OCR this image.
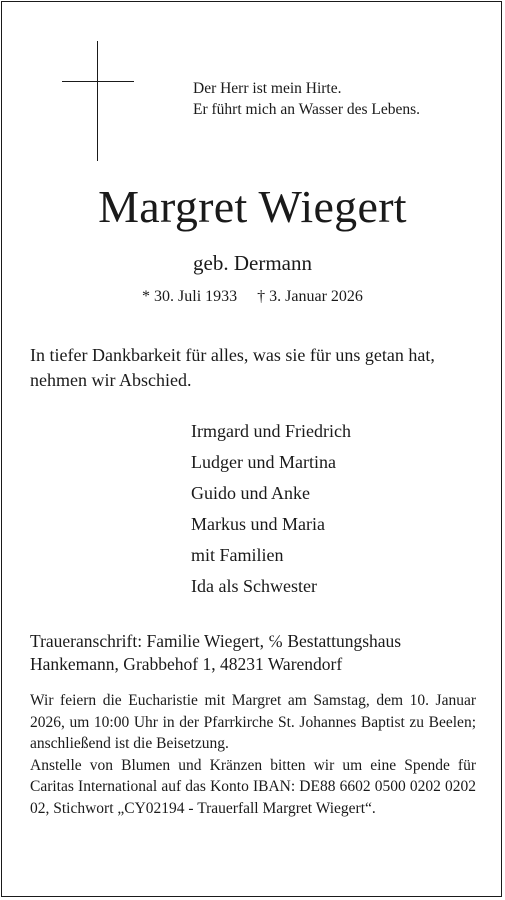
Der Herr ist mein Hirte.
Er führt mich an Wasser des Lebens.
Margret Wiegert
geb. Dermann
* 30. Juli 1933 † 3. Januar 2026
In tiefer Dankbarkeit für alles, was sie für uns getan hat, nehmen wir Abschied.
Irmgard und Friedrich
Ludger und Martina
Guido und Anke
Markus und Maria
mit Familien
Ida als Schwester
Traueranschrift: Familie Wiegert, ℅ Bestattungshaus
Hankemann, Grabbehof 1, 48231 Warendorf
Wir feiern die Eucharistie mit Margret am Samstag, dem 10. Januar 2026, um 10:00 Uhr in der Pfarrkirche St. Johannes Baptist zu Beelen; anschließend ist die Beisetzung.
Anstelle von Blumen und Kränzen bitten wir um eine Spende für Caritas International auf das Konto IBAN: DE88 6602 0500 0202 0202 02, Stichwort „CY02194 - Trauerfall Margret Wiegert“.
